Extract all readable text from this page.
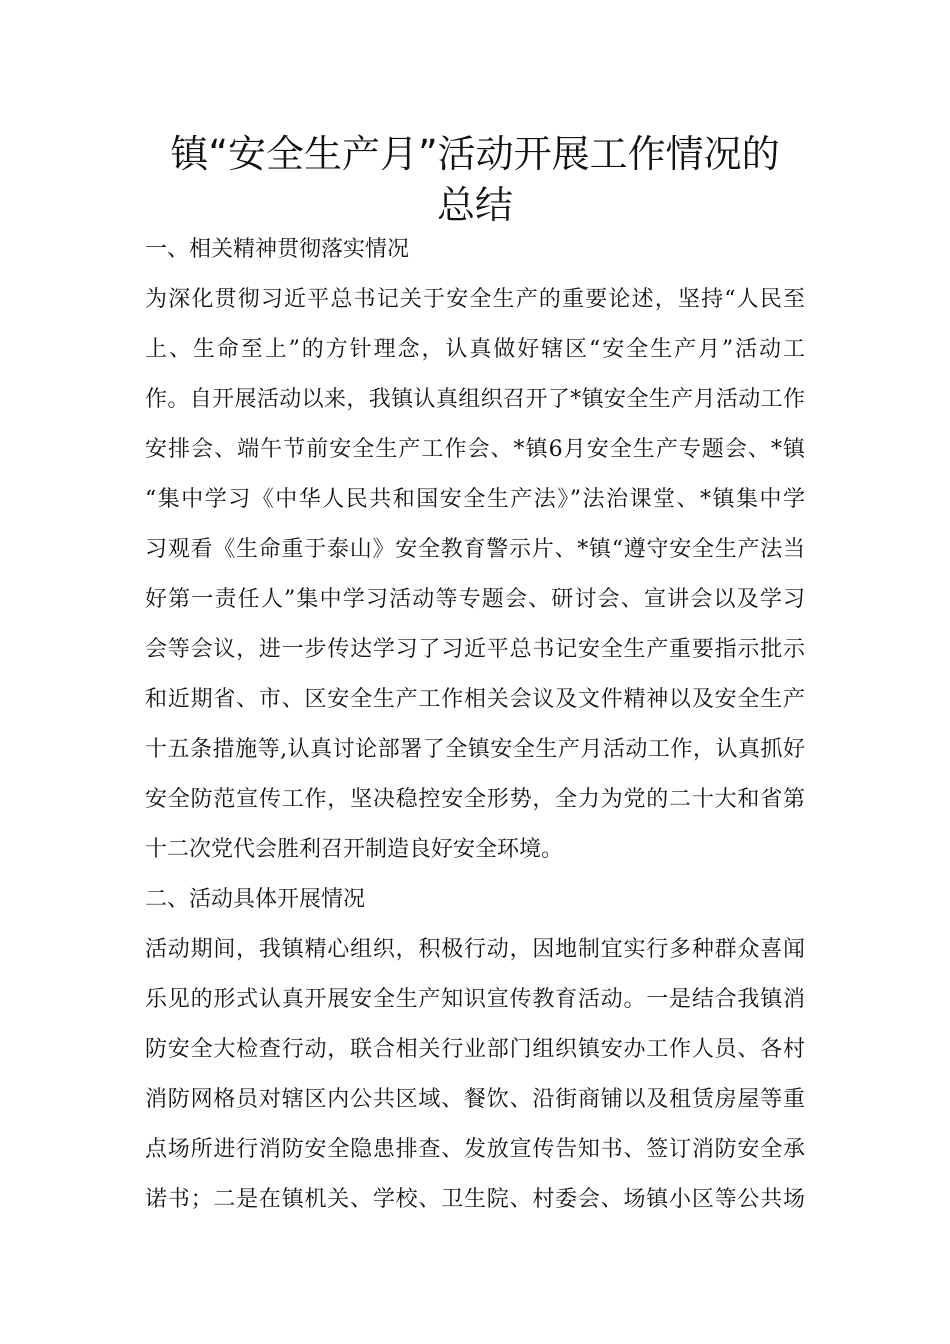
镇“安全生产月”活动开展工作情况的
总结
一、相关精神贯彻落实情况
为深化贯彻习近平总书记关于安全生产的重要论述，坚持“人民至
上、生命至上”的方针理念，认真做好辖区“安全生产月”活动工
作。自开展活动以来，我镇认真组织召开了*镇安全生产月活动工作
安排会、端午节前安全生产工作会、*镇6月安全生产专题会、*镇
“集中学习《中华人民共和国安全生产法》”法治课堂、*镇集中学
习观看《生命重于泰山》安全教育警示片、*镇“遵守安全生产法当
好第一责任人”集中学习活动等专题会、研讨会、宣讲会以及学习
会等会议，进一步传达学习了习近平总书记安全生产重要指示批示
和近期省、市、区安全生产工作相关会议及文件精神以及安全生产
十五条措施等,认真讨论部署了全镇安全生产月活动工作，认真抓好
安全防范宣传工作，坚决稳控安全形势，全力为党的二十大和省第
十二次党代会胜利召开制造良好安全环境。
二、活动具体开展情况
活动期间，我镇精心组织，积极行动，因地制宜实行多种群众喜闻
乐见的形式认真开展安全生产知识宣传教育活动。一是结合我镇消
防安全大检查行动，联合相关行业部门组织镇安办工作人员、各村
消防网格员对辖区内公共区域、餐饮、沿街商铺以及租赁房屋等重
点场所进行消防安全隐患排查、发放宣传告知书、签订消防安全承
诺书；二是在镇机关、学校、卫生院、村委会、场镇小区等公共场
